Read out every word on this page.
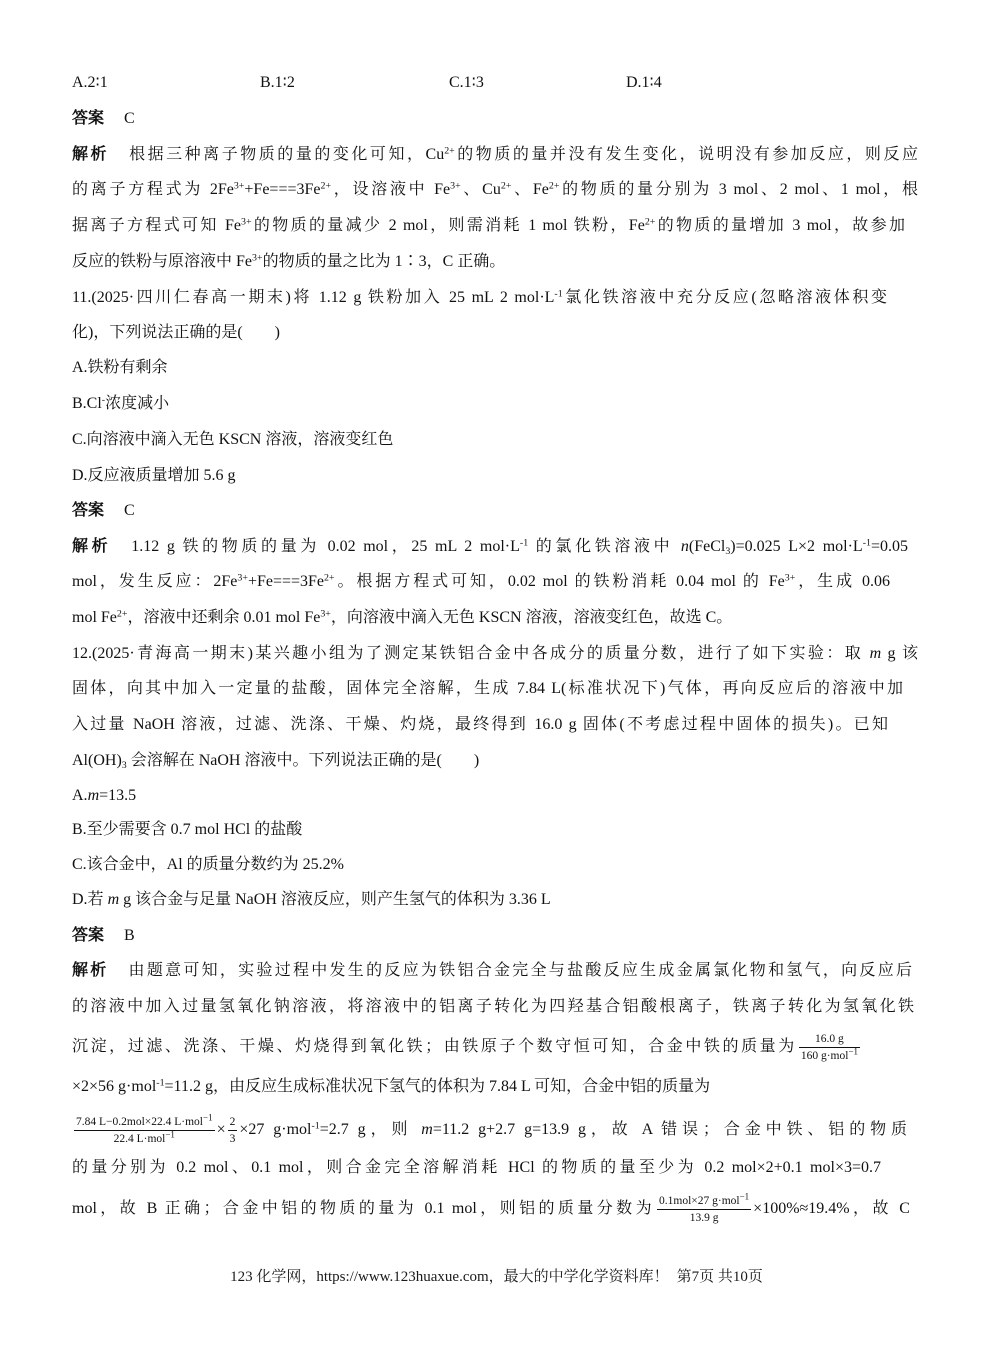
A.2∶1	B.1∶2	C.1∶3	D.1∶4
答案 C
解析 根据三种离子物质的量的变化可知，$Cu^{2+}$的物质的量并没有发生变化，说明没有参加反应，则反应
的离子方程式为 $2Fe^{3+}+Fe===3Fe^{2+}$，设溶液中 $Fe^{3+}$、$Cu^{2+}$、$Fe^{2+}$的物质的量分别为 3 mol、2 mol、1 mol，根
据离子方程式可知 $Fe^{3+}$的物质的量减少 2 mol，则需消耗 1 mol 铁粉，$Fe^{2+}$的物质的量增加 3 mol，故参加
反应的铁粉与原溶液中 $Fe^{3+}$的物质的量之比为 1∶3，C 正确。
11.(2025·四川仁春高一期末)将 1.12 g 铁粉加入 25 mL 2 $mol\cdot L^{-1}$氯化铁溶液中充分反应(忽略溶液体积变
化)，下列说法正确的是(　　)
A.铁粉有剩余
B.Cl-浓度减小
C.向溶液中滴入无色 KSCN 溶液，溶液变红色
D.反应液质量增加 5.6 g
答案 C
解析 1.12 g 铁的物质的量为 0.02 mol，25 mL 2 $mol\cdot L^{-1}$ 的氯化铁溶液中 n(FeCl$_3$)=0.025 L×2 $mol\cdot L^{-1}=0.05$
mol，发生反应：$2Fe^{3+}+Fe===3Fe^{2+}$。根据方程式可知，0.02 mol 的铁粉消耗 0.04 mol 的 $Fe^{3+}$，生成 0.06
mol $Fe^{2+}$，溶液中还剩余 0.01 mol $Fe^{3+}$，向溶液中滴入无色 KSCN 溶液，溶液变红色，故选 C。
12.(2025·青海高一期末)某兴趣小组为了测定某铁铝合金中各成分的质量分数，进行了如下实验：取 m g 该
固体，向其中加入一定量的盐酸，固体完全溶解，生成 7.84 L(标准状况下)气体，再向反应后的溶液中加
入过量 NaOH 溶液，过滤、洗涤、干燥、灼烧，最终得到 16.0 g 固体(不考虑过程中固体的损失)。已知
$Al(OH)_3$ 会溶解在 NaOH 溶液中。下列说法正确的是(　　)
A.m=13.5
B.至少需要含 0.7 mol HCl 的盐酸
C.该合金中，Al 的质量分数约为 25.2%
D.若 m g 该合金与足量 NaOH 溶液反应，则产生氢气的体积为 3.36 L
答案 B
解析 由题意可知，实验过程中发生的反应为铁铝合金完全与盐酸反应生成金属氯化物和氢气，向反应后
的溶液中加入过量氢氧化钠溶液，将溶液中的铝离子转化为四羟基合铝酸根离子，铁离子转化为氢氧化铁
沉淀，过滤、洗涤、干燥、灼烧得到氧化铁；由铁原子个数守恒可知，合金中铁的质量为 $\frac{16.0 g}{160 g\cdot mol^{-1}}$
×2×56 g·mol$^{-1}$=11.2 g，由反应生成标准状况下氢气的体积为 7.84 L 可知，合金中铝的质量为
$\frac{7.84 L-0.2mol\times 22.4 L\cdot mol^{-1}}{22.4 L\cdot mol^{-1}} \times \frac{2}{3} \times 27$ g·mol$^{-1}$=2.7 g，则 m=11.2 g+2.7 g=13.9 g，故 A 错误；合金中铁、铝的物质
的量分别为 0.2 mol、0.1 mol，则合金完全溶解消耗 HCl 的物质的量至少为 0.2 mol×2+0.1 mol×3=0.7
mol，故 B 正确；合金中铝的物质的量为 0.1 mol，则铝的质量分数为 $\frac{0.1mol\times 27 g\cdot mol^{-1}}{13.9 g} \times 100\%\approx 19.4\%$，故 C
123 化学网，https://www.123huaxue.com，最大的中学化学资料库！ 第7页 共10页
